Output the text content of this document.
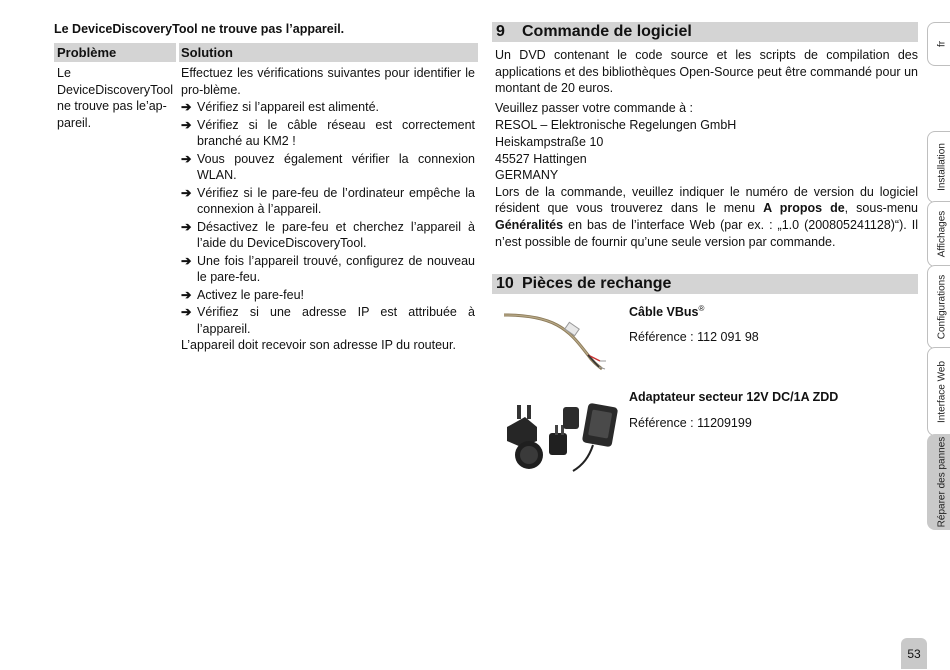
Le DeviceDiscoveryTool ne trouve pas l’appareil.
Problème	Solution
Le
DeviceDiscoveryTool
ne trouve pas le’ap-
pareil.

Effectuez les vérifications suivantes pour identifier le pro-blème.

➔ Vérifiez si l’appareil est alimenté.
➔ Vérifiez si le câble réseau est correctement branché au KM2 !
➔ Vous pouvez également vérifier la connexion WLAN.
➔ Vérifiez si le pare-feu de l’ordinateur empêche la connexion à l’appareil.
➔ Désactivez le pare-feu et cherchez l’appareil à l’aide du DeviceDiscoveryTool.
➔ Une fois l’appareil trouvé, configurez de nouveau le pare-feu.
➔ Activez le pare-feu!
➔ Vérifiez si une adresse IP est attribuée à l’appareil.

L’appareil doit recevoir son adresse IP du routeur.

9 Commande de logiciel

Un DVD contenant le code source et les scripts de compilation des applications et des bibliothèques Open-Source peut être commandé pour un montant de 20 euros.

Veuillez passer votre commande à :

RESOL – Elektronische Regelungen GmbH
Heiskampstraße 10
45527 Hattingen
GERMANY

Lors de la commande, veuillez indiquer le numéro de version du logiciel résident que vous trouverez dans le menu A propos de, sous-menu Généralités en bas de l’interface Web (par ex. : „1.0 (200805241128)“). Il n’est possible de fournir qu’une seule version par commande.

10 Pièces de rechange
Câble VBus®
Référence : 112 091 98
Adaptateur secteur 12V DC/1A ZDD
Référence : 11209199
fr
Installation
Affichages
Configurations
Interface Web
Réparer des pannes
53
